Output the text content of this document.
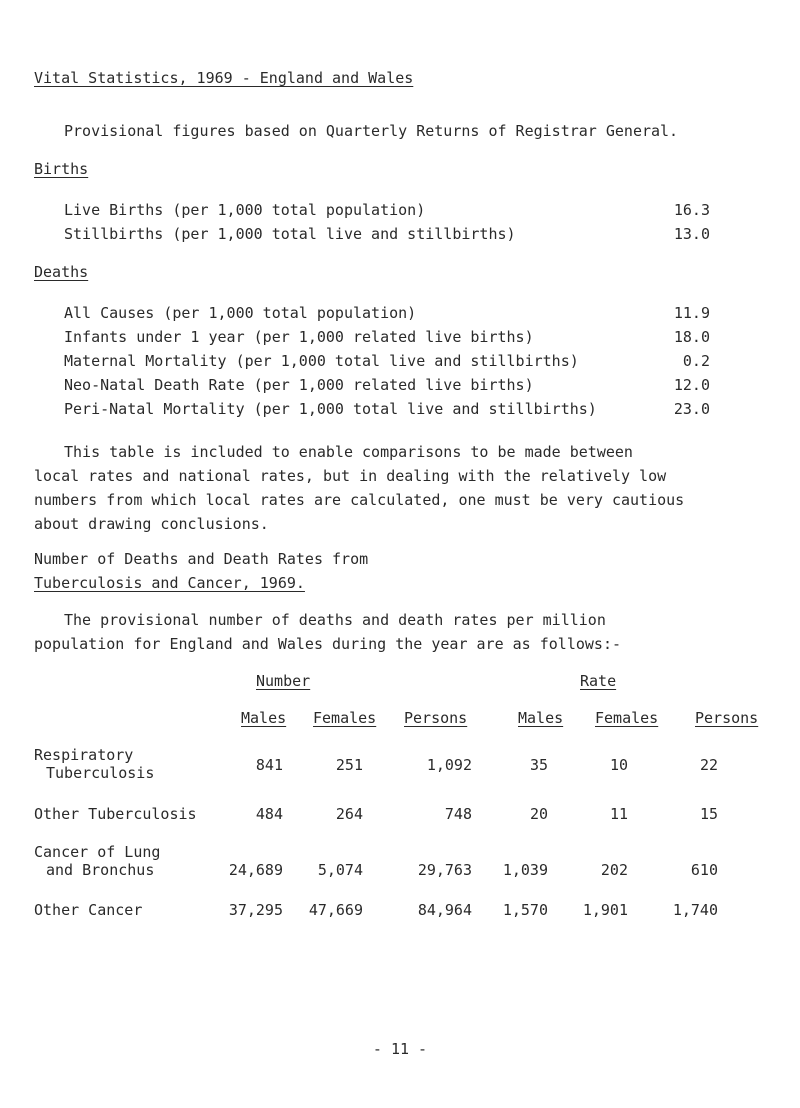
Vital Statistics, 1969 - England and Wales
Provisional figures based on Quarterly Returns of Registrar General.
Births
Live Births (per 1,000 total population)	16.3
Stillbirths (per 1,000 total live and stillbirths)	13.0
Deaths
All Causes (per 1,000 total population)	11.9
Infants under 1 year (per 1,000 related live births)	18.0
Maternal Mortality (per 1,000 total live and stillbirths)	0.2
Neo-Natal Death Rate (per 1,000 related live births)	12.0
Peri-Natal Mortality (per 1,000 total live and stillbirths)	23.0
This table is included to enable comparisons to be made between
local rates and national rates, but in dealing with the relatively low
numbers from which local rates are calculated, one must be very cautious
about drawing conclusions.
Number of Deaths and Death Rates from
Tuberculosis and Cancer, 1969.
The provisional number of deaths and death rates per million
population for England and Wales during the year are as follows:-
Number	Rate
Males Females Persons	Males Females Persons
Respiratory
Tuberculosis	841	251	1,092	35	10	22
Other Tuberculosis	484	264	748	20	11	15
Cancer of Lung
and Bronchus	24,689 5,074	29,763 1,039	202	610
Other Cancer	37,295 47,669	84,964 1,570 1,901	1,740
- 11 -
